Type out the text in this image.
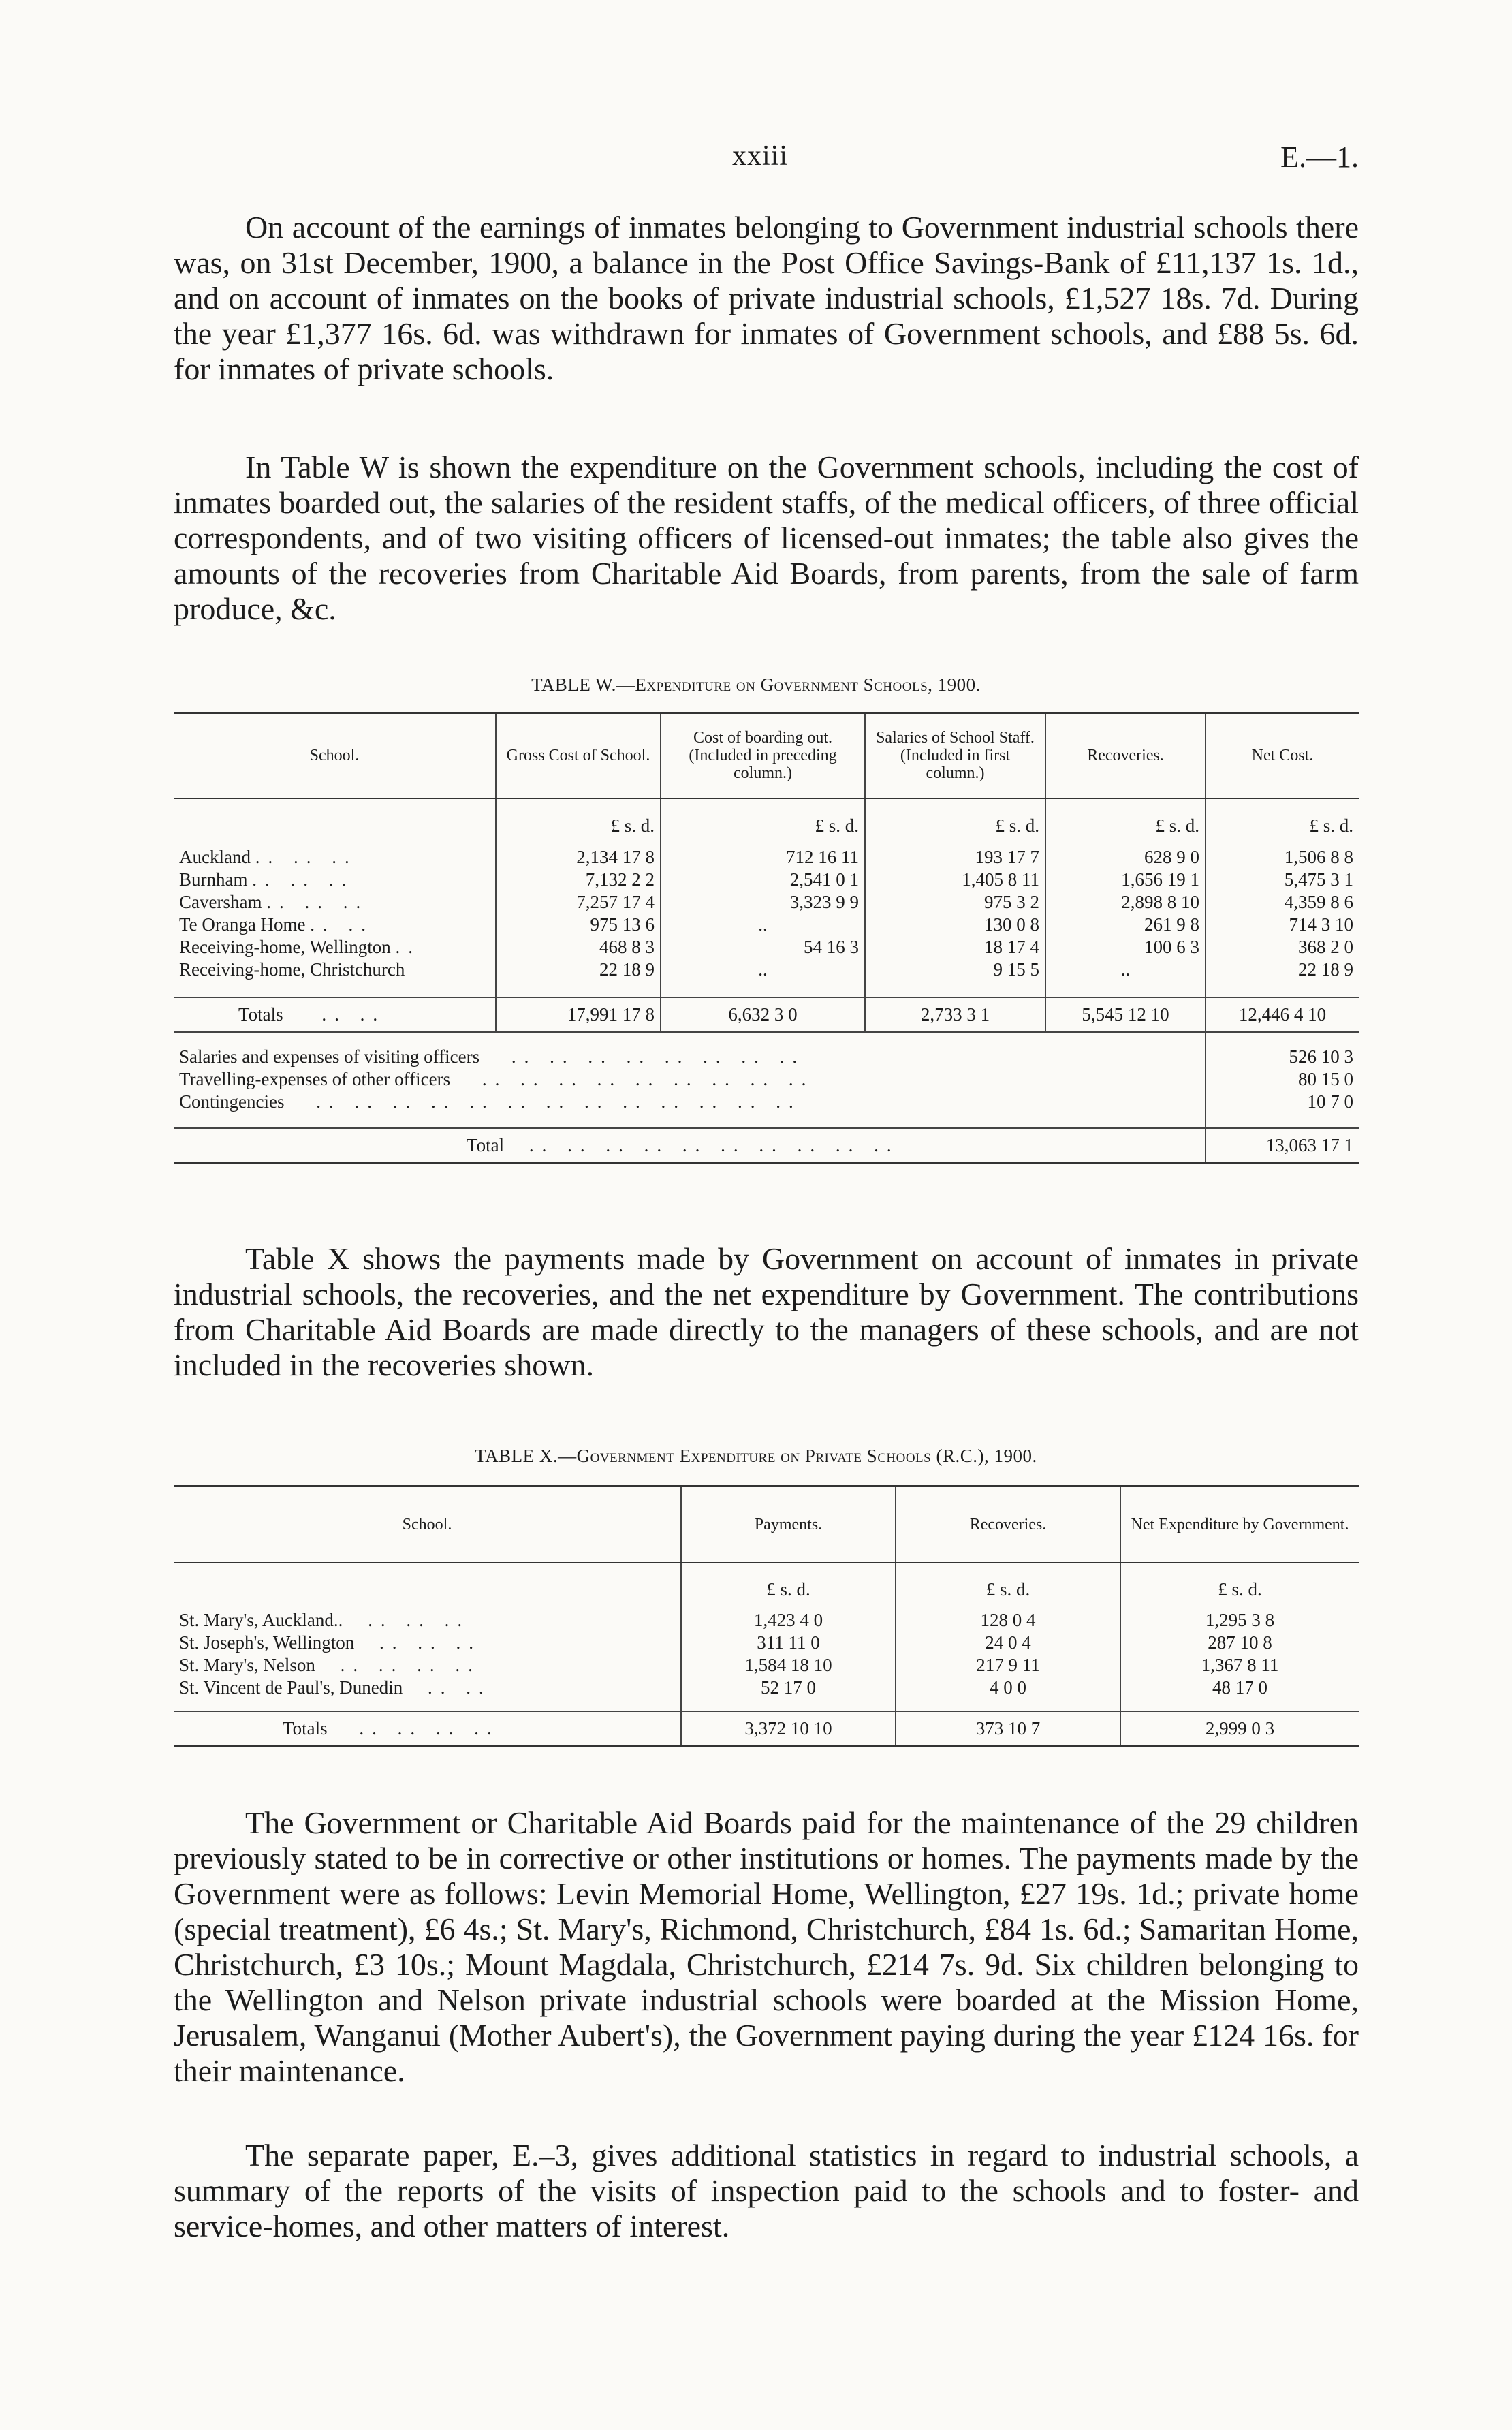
xxiii	E.—1.

On account of the earnings of inmates belonging to Government industrial schools there was, on 31st December, 1900, a balance in the Post Office Savings-Bank of £11,137 1s. 1d., and on account of inmates on the books of private industrial schools, £1,527 18s. 7d. During the year £1,377 16s. 6d. was withdrawn for inmates of Government schools, and £88 5s. 6d. for inmates of private schools.

In Table W is shown the expenditure on the Government schools, including the cost of inmates boarded out, the salaries of the resident staffs, of the medical officers, of three official correspondents, and of two visiting officers of licensed-out inmates; the table also gives the amounts of the recoveries from Charitable Aid Boards, from parents, from the sale of farm produce, &c.

TABLE W.—Expenditure on Government Schools, 1900.
School.	Gross Cost of School.	Cost of boarding out. (Included in preceding column.)	Salaries of School Staff. (Included in first column.)	Recoveries.	Net Cost.
	£ s. d.	£ s. d.	£ s. d.	£ s. d.	£ s. d.
Auckland .. .. ..	2,134 17 8	712 16 11	193 17 7	628 9 0	1,506 8 8
Burnham .. .. ..	7,132 2 2	2,541 0 1	1,405 8 11	1,656 19 1	5,475 3 1
Caversham .. .. ..	7,257 17 4	3,323 9 9	975 3 2	2,898 8 10	4,359 8 6
Te Oranga Home .. ..	975 13 6	..	130 0 8	261 9 8	714 3 10
Receiving-home, Wellington ..	468 8 3	54 16 3	18 17 4	100 6 3	368 2 0
Receiving-home, Christchurch	22 18 9	..	9 15 5	..	22 18 9

Totals .. ..	17,991 17 8	6,632 3 0	2,733 3 1	5,545 12 10	12,446 4 10

Salaries and expenses of visiting officers .. .. .. .. .. .. .. ..					526 10 3
Travelling-expenses of other officers .. .. .. .. .. .. .. .. ..					80 15 0
Contingencies .. .. .. .. .. .. .. .. .. .. .. .. ..					10 7 0

Total .. .. .. .. .. .. .. .. .. ..					13,063 17 1

Table X shows the payments made by Government on account of inmates in private industrial schools, the recoveries, and the net expenditure by Government. The contributions from Charitable Aid Boards are made directly to the managers of these schools, and are not included in the recoveries shown.

TABLE X.—Government Expenditure on Private Schools (R.C.), 1900.
School.	Payments.	Recoveries.	Net Expenditure by Government.
	£ s. d.	£ s. d.	£ s. d.
St. Mary's, Auckland.. .. .. ..	1,423 4 0	128 0 4	1,295 3 8
St. Joseph's, Wellington .. .. ..	311 11 0	24 0 4	287 10 8
St. Mary's, Nelson .. .. .. ..	1,584 18 10	217 9 11	1,367 8 11
St. Vincent de Paul's, Dunedin .. ..	52 17 0	4 0 0	48 17 0

Totals .. .. .. ..	3,372 10 10	373 10 7	2,999 0 3

The Government or Charitable Aid Boards paid for the maintenance of the 29 children previously stated to be in corrective or other institutions or homes. The payments made by the Government were as follows: Levin Memorial Home, Wellington, £27 19s. 1d.; private home (special treatment), £6 4s.; St. Mary's, Richmond, Christchurch, £84 1s. 6d.; Samaritan Home, Christchurch, £3 10s.; Mount Magdala, Christchurch, £214 7s. 9d. Six children belonging to the Wellington and Nelson private industrial schools were boarded at the Mission Home, Jerusalem, Wanganui (Mother Aubert's), the Government paying during the year £124 16s. for their maintenance.

The separate paper, E.–3, gives additional statistics in regard to industrial schools, a summary of the reports of the visits of inspection paid to the schools and to foster- and service-homes, and other matters of interest.
